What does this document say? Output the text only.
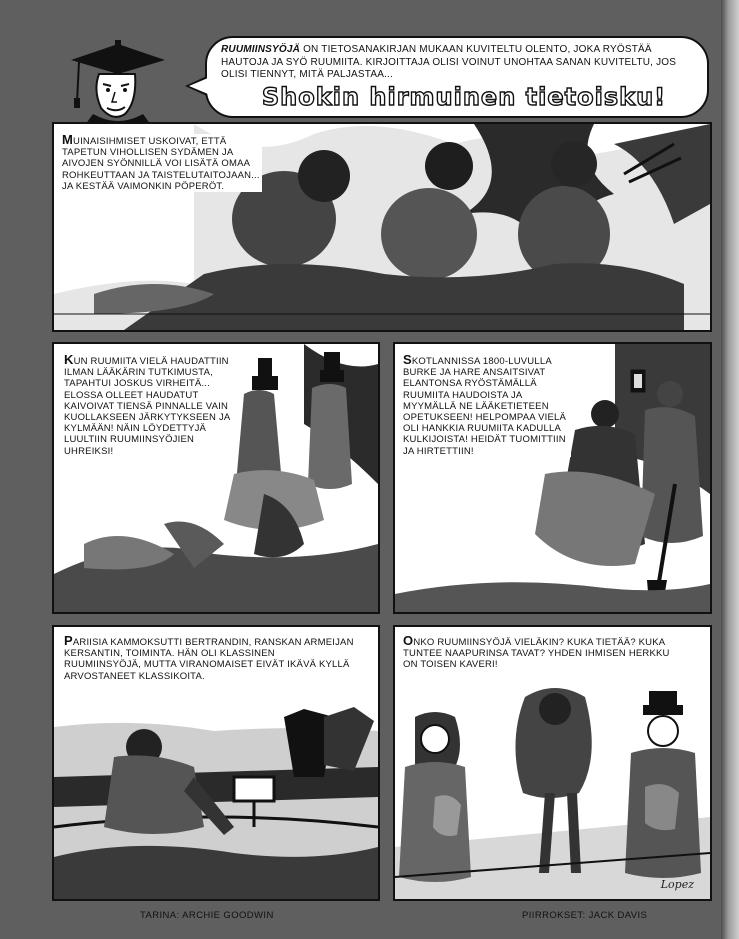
RUUMIINSYÖJÄ ON TIETOSANAKIRJAN MUKAAN KUVITELTU OLENTO, JOKA RYÖSTÄÄ HAUTOJA JA SYÖ RUUMIITA. KIRJOITTAJA OLISI VOINUT UNOHTAA SANAN KUVITELTU, JOS OLISI TIENNYT, MITÄ PALJASTAA...

Shokin hirmuinen tietoisku!

MUINAISIHMISET USKOIVAT, ETTÄ TAPETUN VIHOLLISEN SYDÄMEN JA AIVOJEN SYÖNNILLÄ VOI LISÄTÄ OMAA ROHKEUTTAAN JA TAISTELUTAITOJAAN... JA KESTÄÄ VAIMONKIN PÖPERÖT.

KUN RUUMIITA VIELÄ HAUDATTIIN ILMAN LÄÄKÄRIN TUTKIMUSTA, TAPAHTUI JOSKUS VIRHEITÄ... ELOSSA OLLEET HAUDATUT KAIVOIVAT TIENSÄ PINNALLE VAIN KUOLLAKSEEN JÄRKYTYKSEEN JA KYLMÄÄN! NÄIN LÖYDETTYJÄ LUULTIIN RUUMIINSYÖJIEN UHREIKSI!

SKOTLANNISSA 1800-LUVULLA BURKE JA HARE ANSAITSIVAT ELANTONSA RYÖSTÄMÄLLÄ RUUMIITA HAUDOISTA JA MYYMÄLLÄ NE LÄÄKETIETEEN OPETUKSEEN! HELPOMPAA VIELÄ OLI HANKKIA RUUMIITA KADULLA KULKIJOISTA! HEIDÄT TUOMITTIIN JA HIRTETTIIN!

PARIISIA KAMMOKSUTTI BERTRANDIN, RANSKAN ARMEIJAN KERSANTIN, TOIMINTA. HÄN OLI KLASSINEN RUUMIINSYÖJÄ, MUTTA VIRANOMAISET EIVÄT IKÄVÄ KYLLÄ ARVOSTANEET KLASSIKOITA.

ONKO RUUMIINSYÖJÄ VIELÄKIN? KUKA TIETÄÄ? KUKA TUNTEE NAAPURINSA TAVAT? YHDEN IHMISEN HERKKU ON TOISEN KAVERI!

Lopez
TARINA: ARCHIE GOODWIN	PIIRROKSET: JACK DAVIS
